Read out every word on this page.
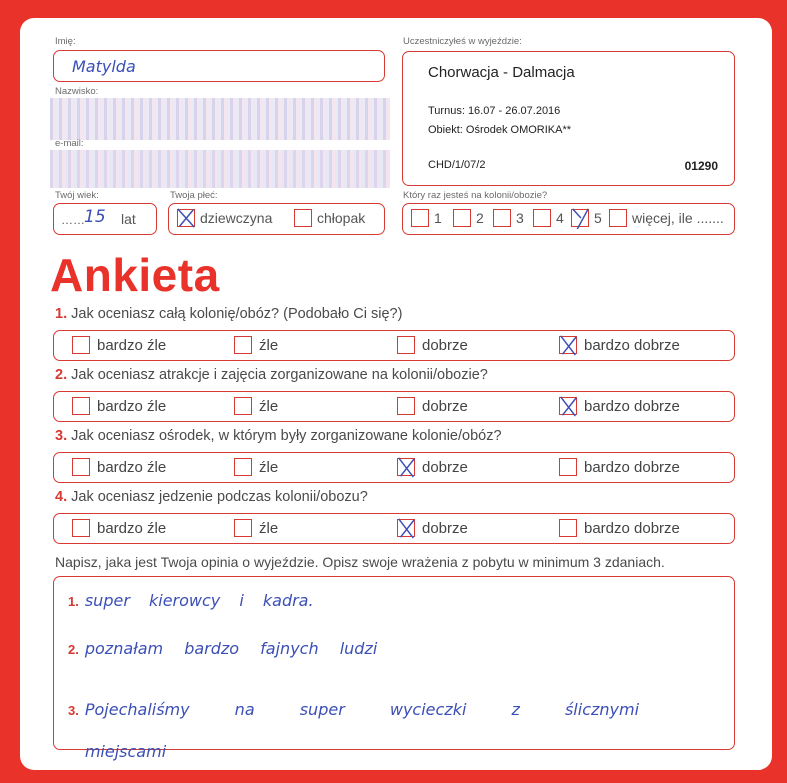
Imię:
Matylda
Nazwisko:
e-mail:
Twój wiek:
…… 15 lat
Twoja płeć:
dziewczyna	chłopak
Uczestniczyłeś w wyjeździe:
Chorwacja - Dalmacja
Turnus: 16.07 - 26.07.2016
Obiekt: Ośrodek OMORIKA**
CHD/1/07/2	01290
Który raz jesteś na kolonii/obozie?
1 2 3 4 5 więcej, ile .......
Ankieta
1. Jak oceniasz całą kolonię/obóz? (Podobało Ci się?)
bardzo źle	źle	dobrze	bardzo dobrze
2. Jak oceniasz atrakcje i zajęcia zorganizowane na kolonii/obozie?
bardzo źle	źle	dobrze	bardzo dobrze
3. Jak oceniasz ośrodek, w którym były zorganizowane kolonie/obóz?
bardzo źle	źle	dobrze	bardzo dobrze
4. Jak oceniasz jedzenie podczas kolonii/obozu?
bardzo źle	źle	dobrze	bardzo dobrze
Napisz, jaka jest Twoja opinia o wyjeździe. Opisz swoje wrażenia z pobytu w minimum 3 zdaniach.
1. super kierowcy i kadra.
2. poznałam bardzo fajnych ludzi
3. Pojechaliśmy na super wycieczki z ślicznymi miejscami
